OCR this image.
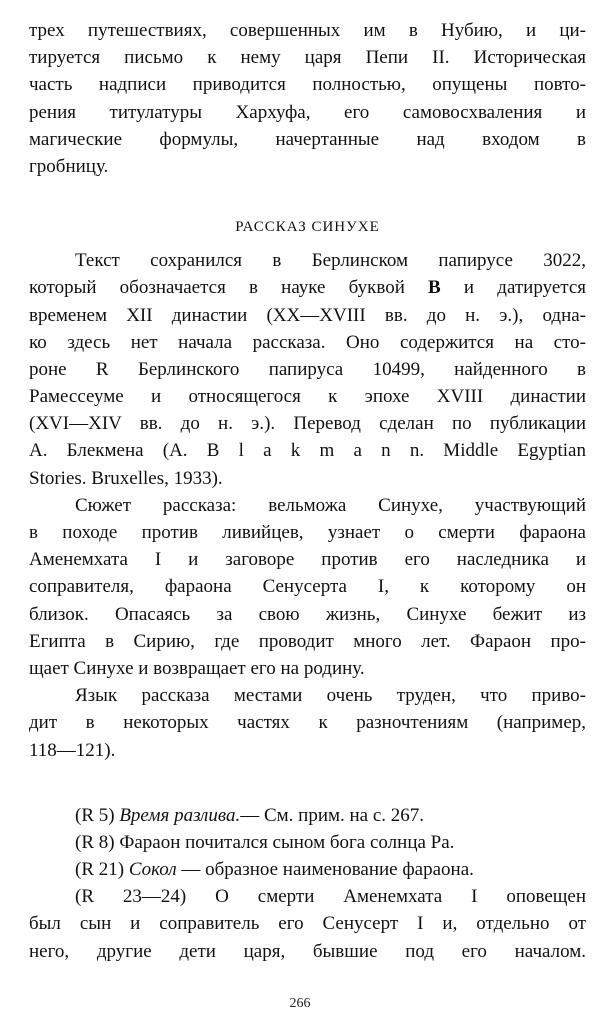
трех путешествиях, совершенных им в Нубию, и ци-
тируется письмо к нему царя Пепи II. Историческая
часть надписи приводится полностью, опущены повто-
рения титулатуры Хархуфа, его самовосхваления и
магические формулы, начертанные над входом в
гробницу.
РАССКАЗ СИНУХЕ
Текст сохранился в Берлинском папирусе 3022,
который обозначается в науке буквой B и датируется
временем XII династии (XX—XVIII вв. до н. э.), одна-
ко здесь нет начала рассказа. Оно содержится на сто-
роне R Берлинского папируса 10499, найденного в
Рамессеуме и относящегося к эпохе XVIII династии
(XVI—XIV вв. до н. э.). Перевод сделан по публикации
А. Блекмена (A. B l a k m a n n. Middle Egyptian
Stories. Bruxelles, 1933).
Сюжет рассказа: вельможа Синухе, участвующий
в походе против ливийцев, узнает о смерти фараона
Аменемхата I и заговоре против его наследника и
соправителя, фараона Сенусерта I, к которому он
близок. Опасаясь за свою жизнь, Синухе бежит из
Египта в Сирию, где проводит много лет. Фараон про-
щает Синухе и возвращает его на родину.
Язык рассказа местами очень труден, что приво-
дит в некоторых частях к разночтениям (например,
118—121).
(R 5) Время разлива.— См. прим. на с. 267.
(R 8) Фараон почитался сыном бога солнца Ра.
(R 21) Сокол — образное наименование фараона.
(R 23—24) О смерти Аменемхата I оповещен
был сын и соправитель его Сенусерт I и, отдельно от
него, другие дети царя, бывшие под его началом.
266
